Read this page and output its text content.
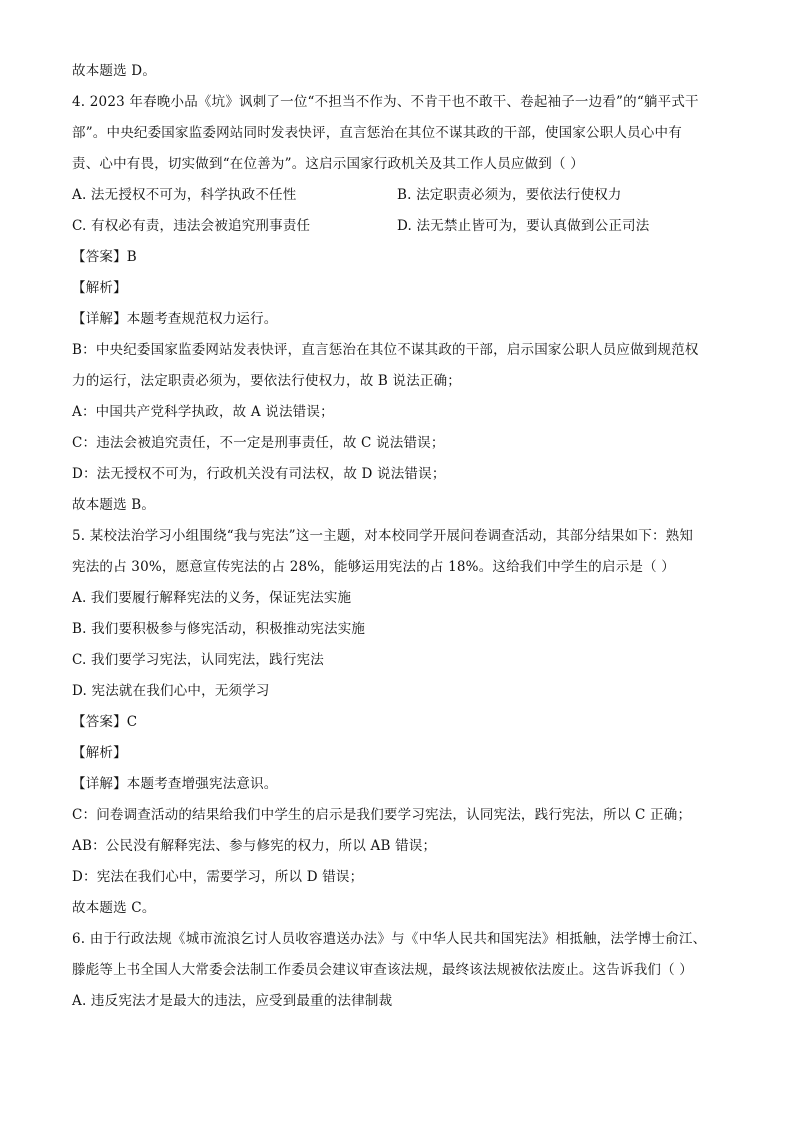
故本题选 D。
4. 2023 年春晚小品《坑》讽刺了一位“不担当不作为、不肯干也不敢干、卷起袖子一边看”的“躺平式干
部”。中央纪委国家监委网站同时发表快评，直言惩治在其位不谋其政的干部，使国家公职人员心中有
责、心中有畏，切实做到“在位善为”。这启示国家行政机关及其工作人员应做到（ ）
A. 法无授权不可为，科学执政不任性	B. 法定职责必须为，要依法行使权力
C. 有权必有责，违法会被追究刑事责任	D. 法无禁止皆可为，要认真做到公正司法
【答案】B
【解析】
【详解】本题考查规范权力运行。
B：中央纪委国家监委网站发表快评，直言惩治在其位不谋其政的干部，启示国家公职人员应做到规范权
力的运行，法定职责必须为，要依法行使权力，故 B 说法正确；
A：中国共产党科学执政，故 A 说法错误；
C：违法会被追究责任，不一定是刑事责任，故 C 说法错误；
D：法无授权不可为，行政机关没有司法权，故 D 说法错误；
故本题选 B。
5. 某校法治学习小组围绕“我与宪法”这一主题，对本校同学开展问卷调查活动，其部分结果如下：熟知
宪法的占 30%，愿意宣传宪法的占 28%，能够运用宪法的占 18%。这给我们中学生的启示是（ ）
A. 我们要履行解释宪法的义务，保证宪法实施
B. 我们要积极参与修宪活动，积极推动宪法实施
C. 我们要学习宪法，认同宪法，践行宪法
D. 宪法就在我们心中，无须学习
【答案】C
【解析】
【详解】本题考查增强宪法意识。
C：问卷调查活动的结果给我们中学生的启示是我们要学习宪法，认同宪法，践行宪法，所以 C 正确；
AB：公民没有解释宪法、参与修宪的权力，所以 AB 错误；
D：宪法在我们心中，需要学习，所以 D 错误；
故本题选 C。
6. 由于行政法规《城市流浪乞讨人员收容遣送办法》与《中华人民共和国宪法》相抵触，法学博士俞江、
滕彪等上书全国人大常委会法制工作委员会建议审查该法规，最终该法规被依法废止。这告诉我们（ ）
A. 违反宪法才是最大的违法，应受到最重的法律制裁
